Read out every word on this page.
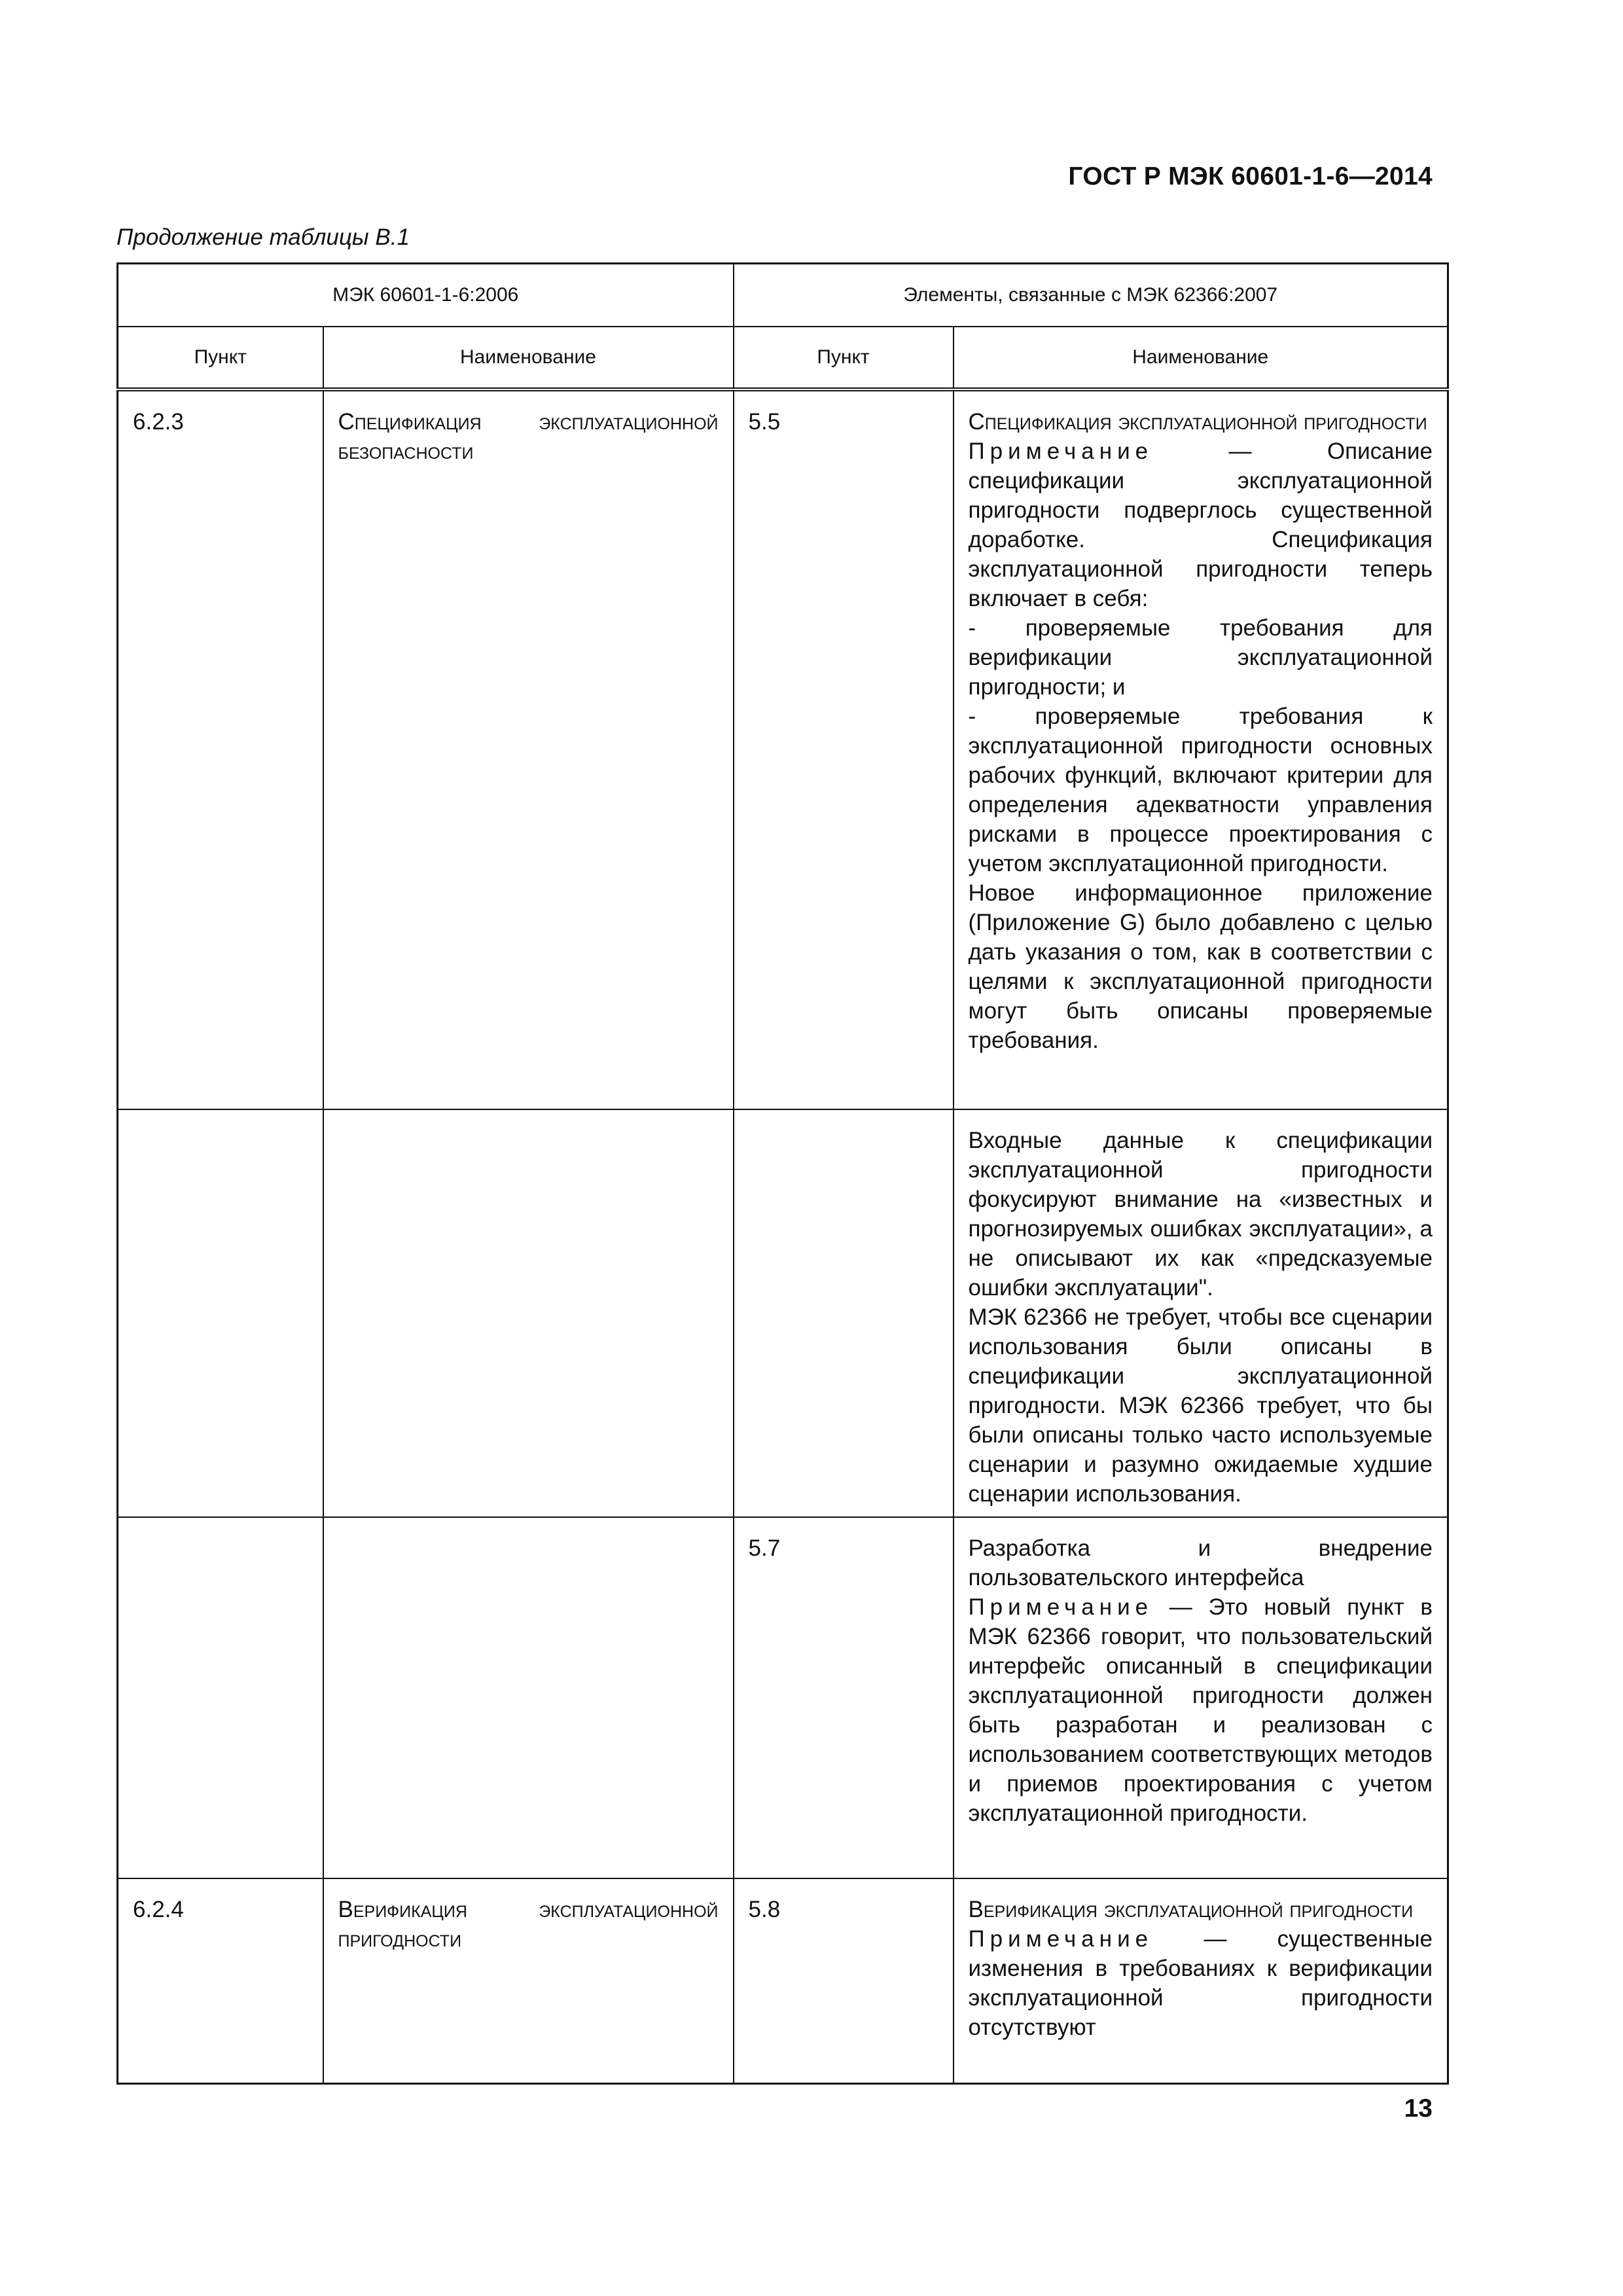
ГОСТ Р МЭК 60601-1-6—2014

Продолжение таблицы В.1

МЭК 60601-1-6:2006		Элементы, связанные с МЭК 62366:2007	
Пункт	Наименование	Пункт	Наименование

6.2.3	Спецификация эксплуатационной безопасности	5.5	Спецификация эксплуатационной пригодности
Примечание — Описание спецификации эксплуатационной пригодности подверглось существенной доработке. Спецификация эксплуатационной пригодности теперь включает в себя:
- проверяемые требования для верификации эксплуатационной пригодности; и
- проверяемые требования к эксплуатационной пригодности основных рабочих функций, включают критерии для определения адекватности управления рисками в процессе проектирования с учетом эксплуатационной пригодности.
Новое информационное приложение (Приложение G) было добавлено с целью дать указания о том, как в соответствии с целями к эксплуатационной пригодности могут быть описаны проверяемые требования.

			Входные данные к спецификации эксплуатационной пригодности фокусируют внимание на «известных и прогнозируемых ошибках эксплуатации», а не описывают их как «предсказуемые ошибки эксплуатации".
МЭК 62366 не требует, чтобы все сценарии использования были описаны в спецификации эксплуатационной пригодности. МЭК 62366 требует, что бы были описаны только часто используемые сценарии и разумно ожидаемые худшие сценарии использования.

		5.7	Разработка и внедрение пользовательского интерфейса
Примечание — Это новый пункт в МЭК 62366 говорит, что пользовательский интерфейс описанный в спецификации эксплуатационной пригодности должен быть разработан и реализован с использованием соответствующих методов и приемов проектирования с учетом эксплуатационной пригодности.

6.2.4	Верификация эксплуатационной пригодности	5.8	Верификация эксплуатационной пригодности
Примечание — существенные изменения в требованиях к верификации эксплуатационной пригодности отсутствуют

13
